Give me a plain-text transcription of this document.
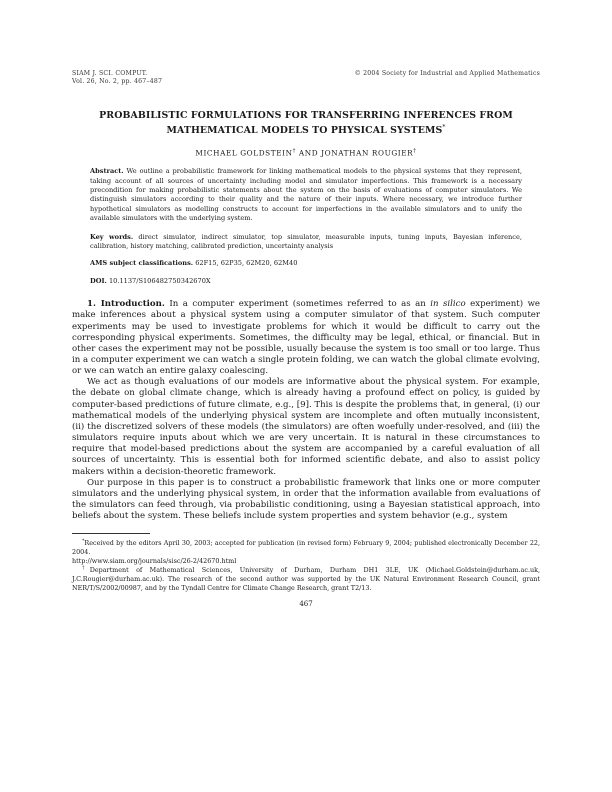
SIAM J. SCI. COMPUT.
Vol. 26, No. 2, pp. 467–487
© 2004 Society for Industrial and Applied Mathematics
PROBABILISTIC FORMULATIONS FOR TRANSFERRING INFERENCES FROM MATHEMATICAL MODELS TO PHYSICAL SYSTEMS*
MICHAEL GOLDSTEIN† AND JONATHAN ROUGIER†
Abstract. We outline a probabilistic framework for linking mathematical models to the physical systems that they represent, taking account of all sources of uncertainty including model and simulator imperfections. This framework is a necessary precondition for making probabilistic statements about the system on the basis of evaluations of computer simulators. We distinguish simulators according to their quality and the nature of their inputs. Where necessary, we introduce further hypothetical simulators as modelling constructs to account for imperfections in the available simulators and to unify the available simulators with the underlying system.
Key words. direct simulator, indirect simulator, top simulator, measurable inputs, tuning inputs, Bayesian inference, calibration, history matching, calibrated prediction, uncertainty analysis
AMS subject classifications. 62F15, 62P35, 62M20, 62M40
DOI. 10.1137/S106482750342670X

1. Introduction. In a computer experiment (sometimes referred to as an in silico experiment) we make inferences about a physical system using a computer simulator of that system. Such computer experiments may be used to investigate problems for which it would be difficult to carry out the corresponding physical experiments. Sometimes, the difficulty may be legal, ethical, or financial. But in other cases the experiment may not be possible, usually because the system is too small or too large. Thus in a computer experiment we can watch a single protein folding, we can watch the global climate evolving, or we can watch an entire galaxy coalescing.

We act as though evaluations of our models are informative about the physical system. For example, the debate on global climate change, which is already having a profound effect on policy, is guided by computer-based predictions of future climate, e.g., [9]. This is despite the problems that, in general, (i) our mathematical models of the underlying physical system are incomplete and often mutually inconsistent, (ii) the discretized solvers of these models (the simulators) are often woefully under-resolved, and (iii) the simulators require inputs about which we are very uncertain. It is natural in these circumstances to require that model-based predictions about the system are accompanied by a careful evaluation of all sources of uncertainty. This is essential both for informed scientific debate, and also to assist policy makers within a decision-theoretic framework.

Our purpose in this paper is to construct a probabilistic framework that links one or more computer simulators and the underlying physical system, in order that the information available from evaluations of the simulators can feed through, via probabilistic conditioning, using a Bayesian statistical approach, into beliefs about the system. These beliefs include system properties and system behavior (e.g., system

*Received by the editors April 30, 2003; accepted for publication (in revised form) February 9, 2004; published electronically December 22, 2004.
http://www.siam.org/journals/sisc/26-2/42670.html

†Department of Mathematical Sciences, University of Durham, Durham DH1 3LE, UK (Michael.Goldstein@durham.ac.uk, J.C.Rougier@durham.ac.uk). The research of the second author was supported by the UK Natural Environment Research Council, grant NER/T/S/2002/00987, and by the Tyndall Centre for Climate Change Research, grant T2/13.

467
